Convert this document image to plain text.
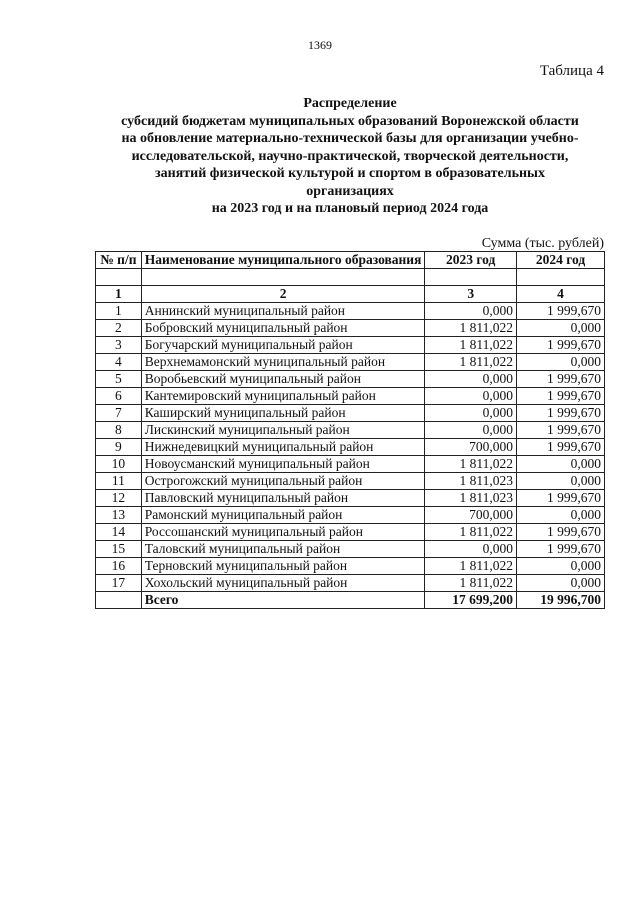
1369
Таблица 4
Распределение
субсидий бюджетам муниципальных образований Воронежской области
на обновление материально-технической базы для организации учебно-
исследовательской, научно-практической, творческой деятельности,
занятий физической культурой и спортом в образовательных
организациях
на 2023 год и на плановый период 2024 года
Сумма (тыс. рублей)
№ п/п	Наименование муниципального образования	2023 год	2024 год

1	2	3	4
1	Аннинский муниципальный район	0,000	1 999,670
2	Бобровский муниципальный район	1 811,022	0,000
3	Богучарский муниципальный район	1 811,022	1 999,670
4	Верхнемамонский муниципальный район	1 811,022	0,000
5	Воробьевский муниципальный район	0,000	1 999,670
6	Кантемировский муниципальный район	0,000	1 999,670
7	Каширский муниципальный район	0,000	1 999,670
8	Лискинский муниципальный район	0,000	1 999,670
9	Нижнедевицкий муниципальный район	700,000	1 999,670
10	Новоусманский муниципальный район	1 811,022	0,000
11	Острогожский муниципальный район	1 811,023	0,000
12	Павловский муниципальный район	1 811,023	1 999,670
13	Рамонский муниципальный район	700,000	0,000
14	Россошанский муниципальный район	1 811,022	1 999,670
15	Таловский муниципальный район	0,000	1 999,670
16	Терновский муниципальный район	1 811,022	0,000
17	Хохольский муниципальный район	1 811,022	0,000
	Всего	17 699,200	19 996,700
